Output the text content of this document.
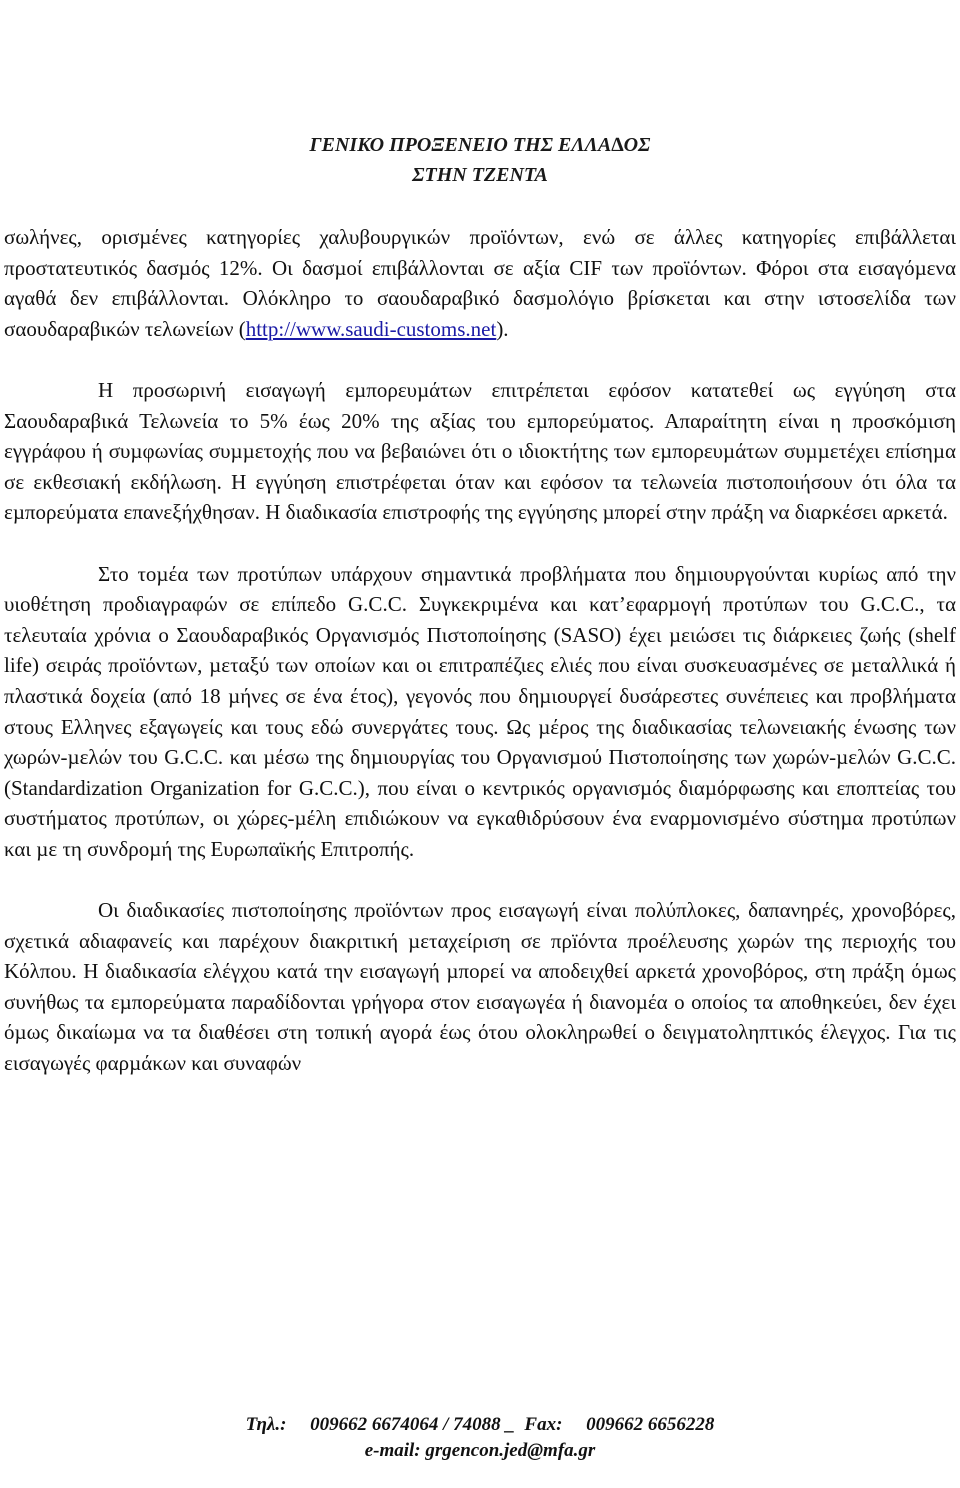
ΓΕΝΙΚΟ ΠΡΟΞΕΝΕΙΟ ΤΗΣ ΕΛΛΑ∆ΟΣ
ΣΤΗΝ ΤΖΕΝΤΑ

σωλήνες, ορισµένες κατηγορίες χαλυβουργικών προϊόντων, ενώ σε άλλες κατηγορίες επιβάλλεται προστατευτικός δασµός 12%. Οι δασµοί επιβάλλονται σε αξία CIF των προϊόντων. Φόροι στα εισαγόµενα αγαθά δεν επιβάλλονται. Ολόκληρο το σαουδαραβικό δασµολόγιο βρίσκεται και στην ιστοσελίδα των σαουδαραβικών τελωνείων (http://www.saudi-customs.net).

Η προσωρινή εισαγωγή εµπορευµάτων επιτρέπεται εφόσον κατατεθεί ως εγγύηση στα Σαουδαραβικά Τελωνεία το 5% έως 20% της αξίας του εµπορεύµατος. Απαραίτητη είναι η προσκόµιση εγγράφου ή συµφωνίας συµµετοχής που να βεβαιώνει ότι ο ιδιοκτήτης των εµπορευµάτων συµµετέχει επίσηµα σε εκθεσιακή εκδήλωση. Η εγγύηση επιστρέφεται όταν και εφόσον τα τελωνεία πιστοποιήσουν ότι όλα τα εµπορεύµατα επανεξήχθησαν. Η διαδικασία επιστροφής της εγγύησης µπορεί στην πράξη να διαρκέσει αρκετά.

Στο τοµέα των προτύπων υπάρχουν σηµαντικά προβλήµατα που δηµιουργούνται κυρίως από την υιοθέτηση προδιαγραφών σε επίπεδο G.C.C. Συγκεκριµένα και κατ’εφαρµογή προτύπων του G.C.C., τα τελευταία χρόνια ο Σαουδαραβικός Οργανισµός Πιστοποίησης (SASO) έχει µειώσει τις διάρκειες ζωής (shelf life) σειράς προϊόντων, µεταξύ των οποίων και οι επιτραπέζιες ελιές που είναι συσκευασµένες σε µεταλλικά ή πλαστικά δοχεία (από 18 µήνες σε ένα έτος), γεγονός που δηµιουργεί δυσάρεστες συνέπειες και προβλήµατα στους Ελληνες εξαγωγείς και τους εδώ συνεργάτες τους. Ως µέρος της διαδικασίας τελωνειακής ένωσης των χωρών-µελών του G.C.C. και µέσω της δηµιουργίας του Οργανισµού Πιστοποίησης των χωρών-µελών G.C.C. (Standardization Organization for G.C.C.), που είναι ο κεντρικός οργανισµός διαµόρφωσης και εποπτείας του συστήµατος προτύπων, οι χώρες-µέλη επιδιώκουν να εγκαθιδρύσουν ένα εναρµονισµένο σύστηµα προτύπων και µε τη συνδροµή της Ευρωπαϊκής Επιτροπής.

Οι διαδικασίες πιστοποίησης προϊόντων προς εισαγωγή είναι πολύπλοκες, δαπανηρές, χρονοβόρες, σχετικά αδιαφανείς και παρέχουν διακριτική µεταχείριση σε πρïόντα προέλευσης χωρών της περιοχής του Κόλπου. Η διαδικασία ελέγχου κατά την εισαγωγή µπορεί να αποδειχθεί αρκετά χρονοβόρος, στη πράξη όµως συνήθως τα εµπορεύµατα παραδίδονται γρήγορα στον εισαγωγέα ή διανοµέα ο οποίος τα αποθηκεύει, δεν έχει όµως δικαίωµα να τα διαθέσει στη τοπική αγορά έως ότου ολοκληρωθεί ο δειγµατοληπτικός έλεγχος. Για τις εισαγωγές φαρµάκων και συναφών

Τηλ.:     009662 6674064 / 74088 _  Fax:     009662 6656228
e-mail: grgencon.jed@mfa.gr
